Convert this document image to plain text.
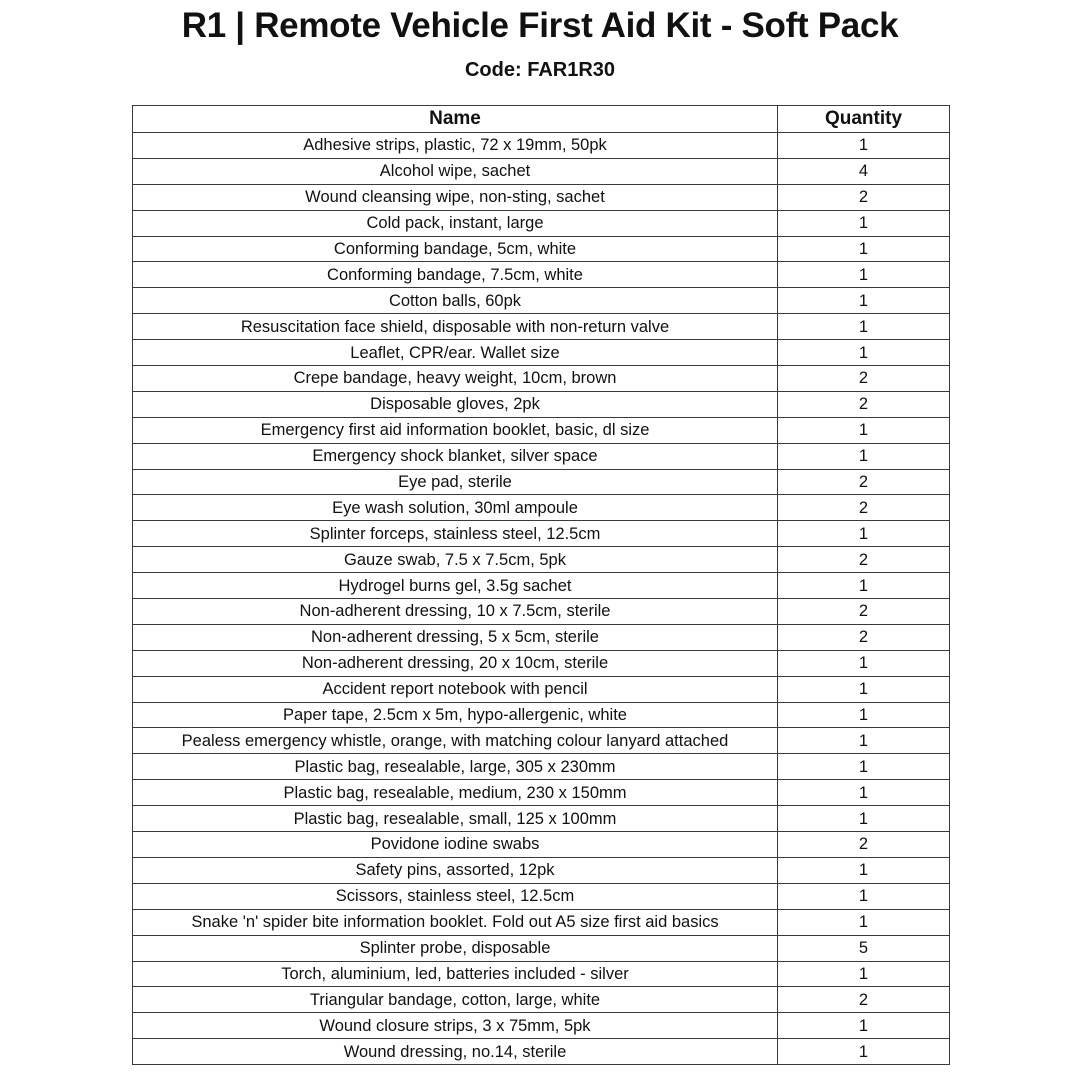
R1 | Remote Vehicle First Aid Kit - Soft Pack
Code: FAR1R30
Name	Quantity
Adhesive strips, plastic, 72 x 19mm, 50pk	1
Alcohol wipe, sachet	4
Wound cleansing wipe, non-sting, sachet	2
Cold pack, instant, large	1
Conforming bandage, 5cm, white	1
Conforming bandage, 7.5cm, white	1
Cotton balls, 60pk	1
Resuscitation face shield, disposable with non-return valve	1
Leaflet, CPR/ear. Wallet size	1
Crepe bandage, heavy weight, 10cm, brown	2
Disposable gloves, 2pk	2
Emergency first aid information booklet, basic, dl size	1
Emergency shock blanket, silver space	1
Eye pad, sterile	2
Eye wash solution, 30ml ampoule	2
Splinter forceps, stainless steel, 12.5cm	1
Gauze swab, 7.5 x 7.5cm, 5pk	2
Hydrogel burns gel, 3.5g sachet	1
Non-adherent dressing, 10 x 7.5cm, sterile	2
Non-adherent dressing, 5 x 5cm, sterile	2
Non-adherent dressing, 20 x 10cm, sterile	1
Accident report notebook with pencil	1
Paper tape, 2.5cm x 5m, hypo-allergenic, white	1
Pealess emergency whistle, orange, with matching colour lanyard attached	1
Plastic bag, resealable, large, 305 x 230mm	1
Plastic bag, resealable, medium, 230 x 150mm	1
Plastic bag, resealable, small, 125 x 100mm	1
Povidone iodine swabs	2
Safety pins, assorted, 12pk	1
Scissors, stainless steel, 12.5cm	1
Snake 'n' spider bite information booklet. Fold out A5 size first aid basics	1
Splinter probe, disposable	5
Torch, aluminium, led, batteries included - silver	1
Triangular bandage, cotton, large, white	2
Wound closure strips, 3 x 75mm, 5pk	1
Wound dressing, no.14, sterile	1
